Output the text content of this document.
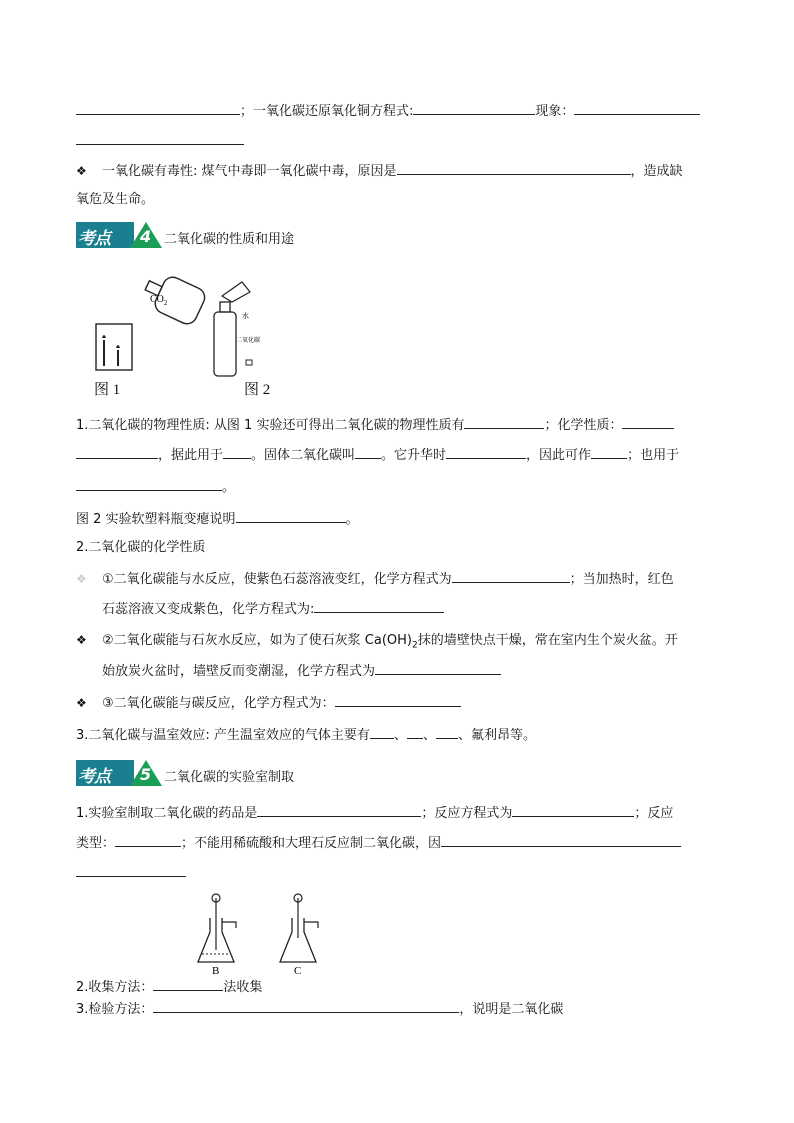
；一氧化碳还原氧化铜方程式:	现象：
❖ 一氧化碳有毒性: 煤气中毒即一氧化碳中毒，原因是	，造成缺
氧危及生命。
考点 4 二氧化碳的性质和用途
$CO_2$
水
二氧化碳
图 1	图 2
1.二氧化碳的物理性质: 从图 1 实验还可得出二氧化碳的物理性质有	；化学性质：
，据此用于 。固体二氧化碳叫 。它升华时	，因此可作	；也用于
。
图 2 实验软塑料瓶变瘪说明	。
2.二氧化碳的化学性质
❖ ①二氧化碳能与水反应，使紫色石蕊溶液变红，化学方程式为	；当加热时，红色
石蕊溶液又变成紫色，化学方程式为:
❖ ②二氧化碳能与石灰水反应，如为了使石灰浆 $Ca(OH)_2$抹的墙壁快点干燥，常在室内生个炭火盆。开
始放炭火盆时，墙壁反而变潮湿，化学方程式为
❖ ③二氧化碳能与碳反应，化学方程式为：
3.二氧化碳与温室效应: 产生温室效应的气体主要有 、 、 、氟利昂等。
考点 5 二氧化碳的实验室制取
1.实验室制取二氧化碳的药品是	；反应方程式为	；反应
类型：	；不能用稀硫酸和大理石反应制二氧化碳，因
B	C
2.收集方法：	法收集
3.检验方法：	，说明是二氧化碳
